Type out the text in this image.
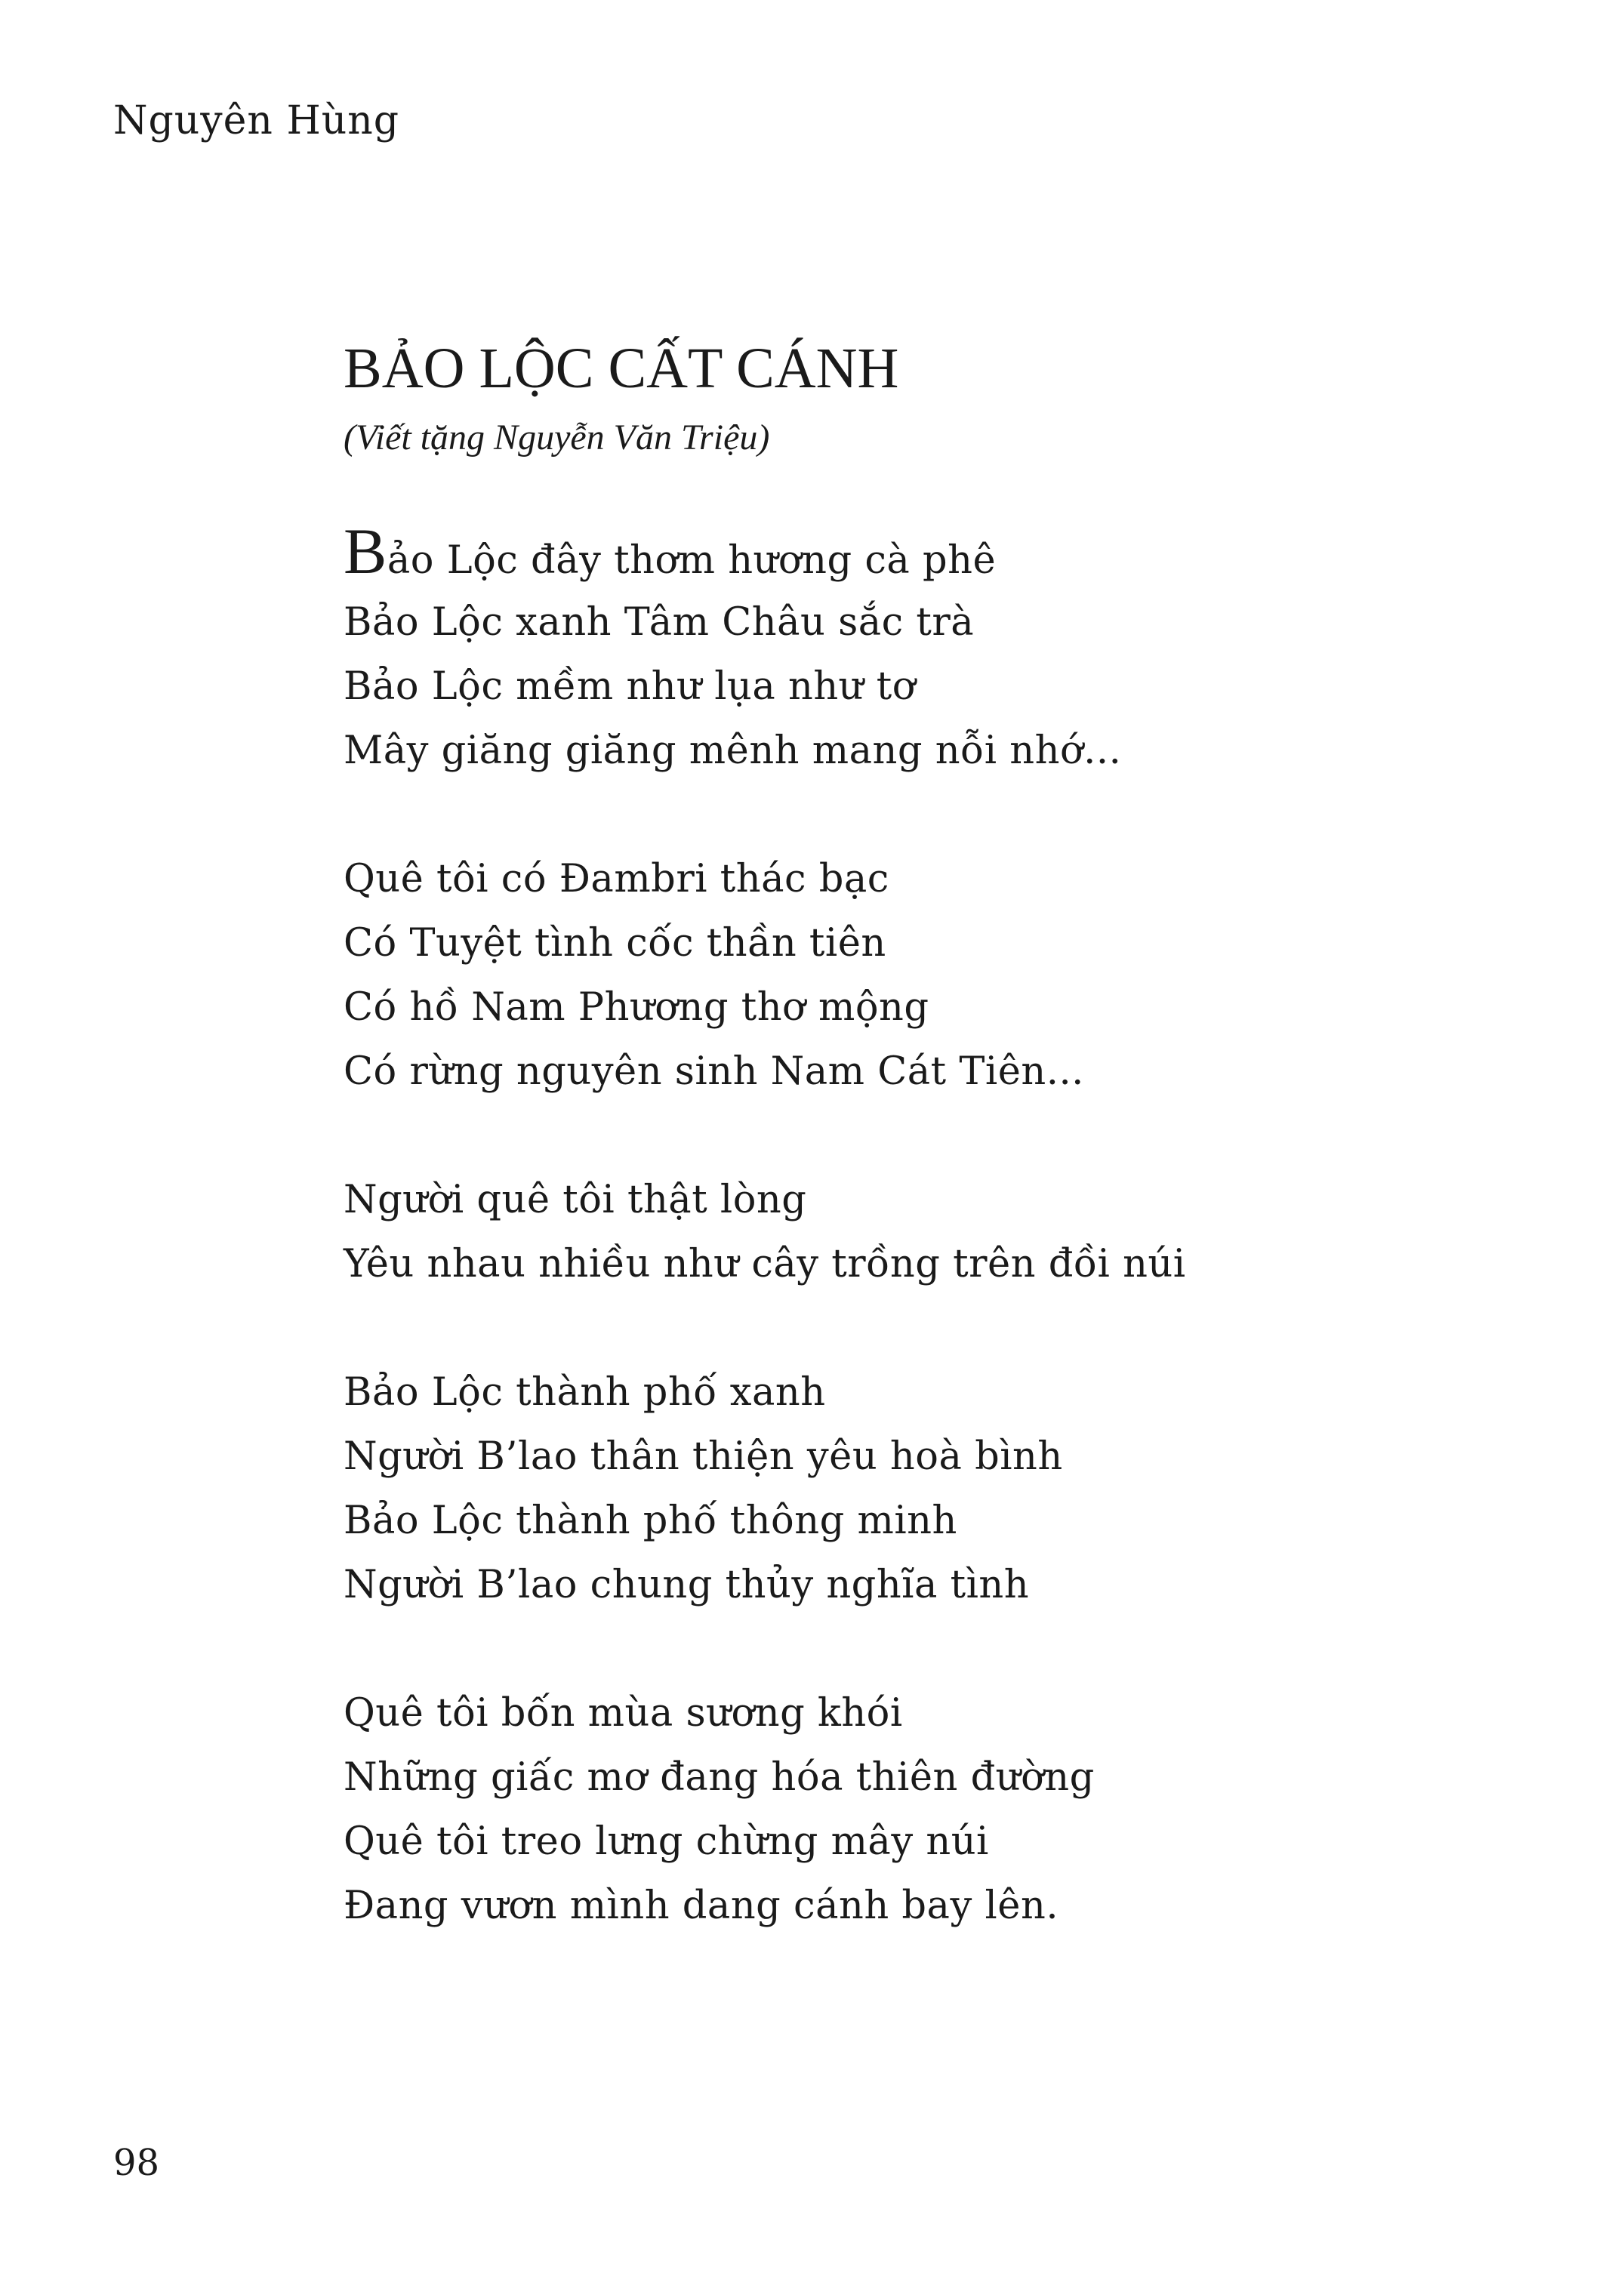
Nguyên Hùng
BẢO LỘC CẤT CÁNH
(Viết tặng Nguyễn Văn Triệu)
Bảo Lộc đây thơm hương cà phê
Bảo Lộc xanh Tâm Châu sắc trà
Bảo Lộc mềm như lụa như tơ
Mây giăng giăng mênh mang nỗi nhớ...
Quê tôi có Đambri thác bạc
Có Tuyệt tình cốc thần tiên
Có hồ Nam Phương thơ mộng
Có rừng nguyên sinh Nam Cát Tiên...
Người quê tôi thật lòng
Yêu nhau nhiều như cây trồng trên đồi núi
Bảo Lộc thành phố xanh
Người B’lao thân thiện yêu hoà bình
Bảo Lộc thành phố thông minh
Người B’lao chung thủy nghĩa tình
Quê tôi bốn mùa sương khói
Những giấc mơ đang hóa thiên đường
Quê tôi treo lưng chừng mây núi
Đang vươn mình dang cánh bay lên.
98
